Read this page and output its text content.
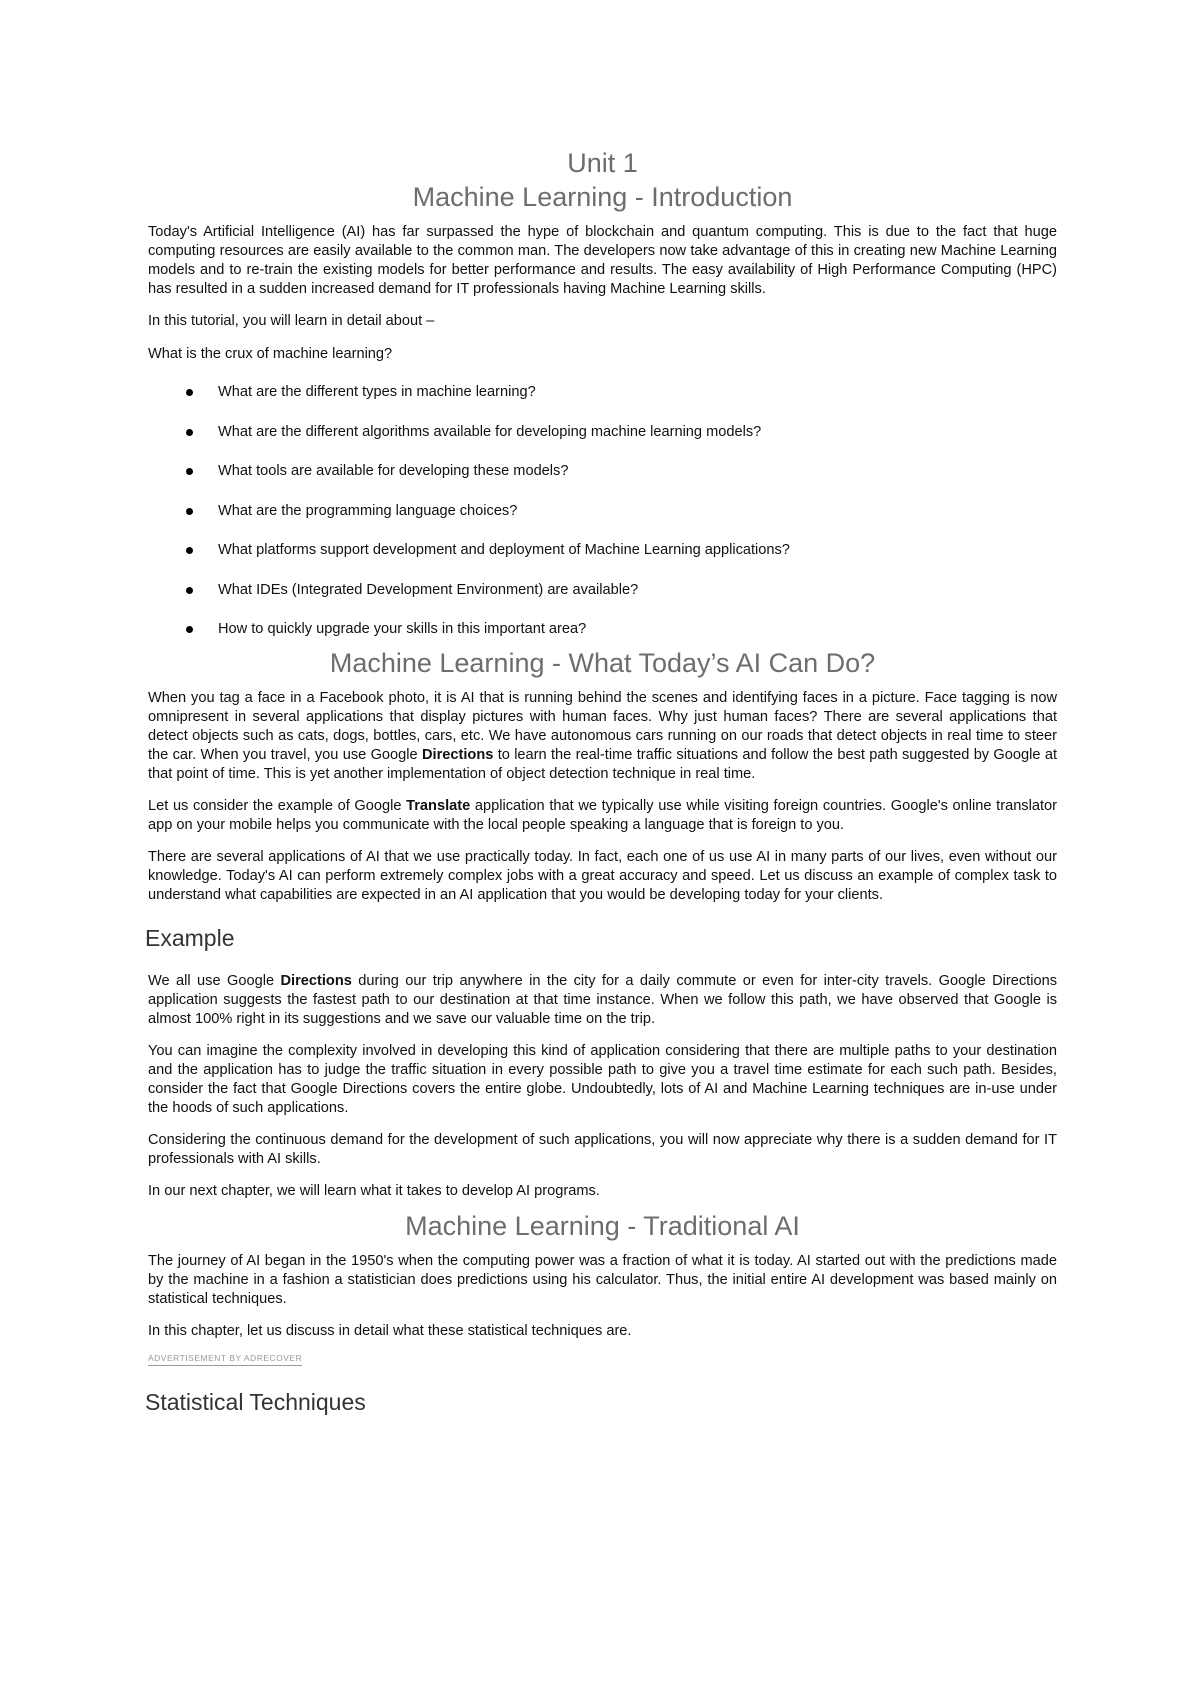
Unit 1
Machine Learning - Introduction

Today's Artificial Intelligence (AI) has far surpassed the hype of blockchain and quantum computing. This is due to the fact that huge computing resources are easily available to the common man. The developers now take advantage of this in creating new Machine Learning models and to re-train the existing models for better performance and results. The easy availability of High Performance Computing (HPC) has resulted in a sudden increased demand for IT professionals having Machine Learning skills.

In this tutorial, you will learn in detail about –

What is the crux of machine learning?

What are the different types in machine learning?
What are the different algorithms available for developing machine learning models?
What tools are available for developing these models?
What are the programming language choices?
What platforms support development and deployment of Machine Learning applications?
What IDEs (Integrated Development Environment) are available?
How to quickly upgrade your skills in this important area?
Machine Learning - What Today’s AI Can Do?

When you tag a face in a Facebook photo, it is AI that is running behind the scenes and identifying faces in a picture. Face tagging is now omnipresent in several applications that display pictures with human faces. Why just human faces? There are several applications that detect objects such as cats, dogs, bottles, cars, etc. We have autonomous cars running on our roads that detect objects in real time to steer the car. When you travel, you use Google Directions to learn the real-time traffic situations and follow the best path suggested by Google at that point of time. This is yet another implementation of object detection technique in real time.

Let us consider the example of Google Translate application that we typically use while visiting foreign countries. Google's online translator app on your mobile helps you communicate with the local people speaking a language that is foreign to you.

There are several applications of AI that we use practically today. In fact, each one of us use AI in many parts of our lives, even without our knowledge. Today's AI can perform extremely complex jobs with a great accuracy and speed. Let us discuss an example of complex task to understand what capabilities are expected in an AI application that you would be developing today for your clients.

Example

We all use Google Directions during our trip anywhere in the city for a daily commute or even for inter-city travels. Google Directions application suggests the fastest path to our destination at that time instance. When we follow this path, we have observed that Google is almost 100% right in its suggestions and we save our valuable time on the trip.

You can imagine the complexity involved in developing this kind of application considering that there are multiple paths to your destination and the application has to judge the traffic situation in every possible path to give you a travel time estimate for each such path. Besides, consider the fact that Google Directions covers the entire globe. Undoubtedly, lots of AI and Machine Learning techniques are in-use under the hoods of such applications.

Considering the continuous demand for the development of such applications, you will now appreciate why there is a sudden demand for IT professionals with AI skills.

In our next chapter, we will learn what it takes to develop AI programs.

Machine Learning - Traditional AI

The journey of AI began in the 1950's when the computing power was a fraction of what it is today. AI started out with the predictions made by the machine in a fashion a statistician does predictions using his calculator. Thus, the initial entire AI development was based mainly on statistical techniques.

In this chapter, let us discuss in detail what these statistical techniques are.

ADVERTISEMENT BY ADRECOVER
Statistical Techniques
